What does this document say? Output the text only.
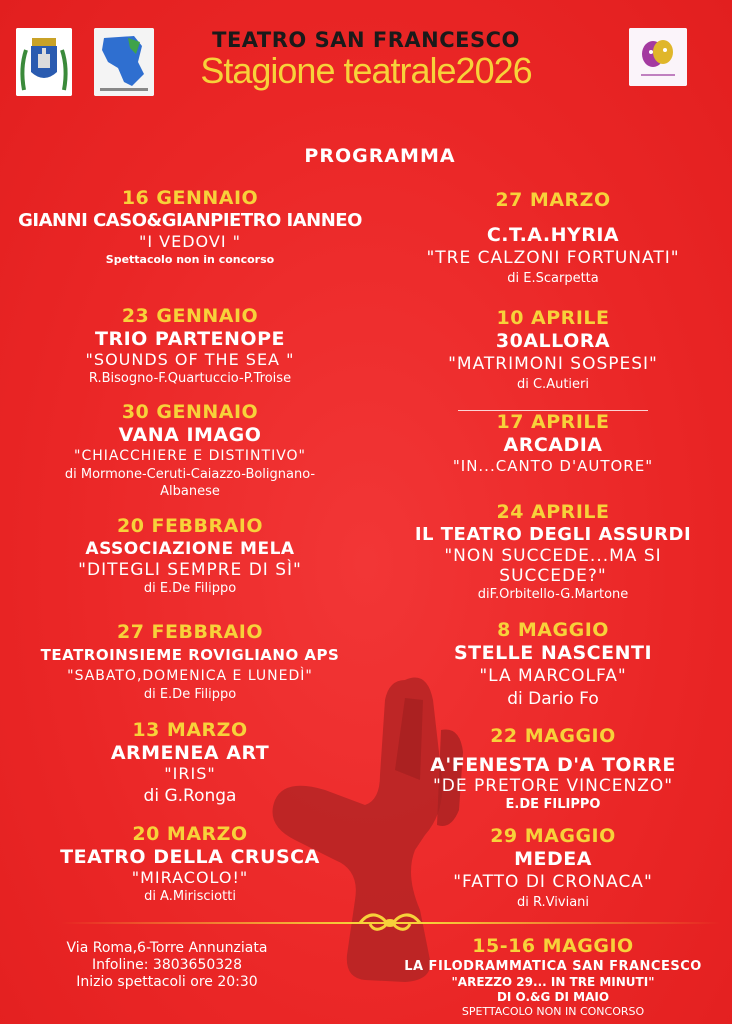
TEATRO SAN FRANCESCO
Stagione teatrale2026
PROGRAMMA
16 GENNAIO
GIANNI CASO&GIANPIETRO IANNEO
"I VEDOVI "
Spettacolo non in concorso
23 GENNAIO
TRIO PARTENOPE
"SOUNDS OF THE SEA "
R.Bisogno-F.Quartuccio-P.Troise
30 GENNAIO
VANA IMAGO
"CHIACCHIERE E DISTINTIVO"
di Mormone-Ceruti-Caiazzo-Bolignano-
Albanese
20 FEBBRAIO
ASSOCIAZIONE MELA
"DITEGLI SEMPRE DI SÌ"
di E.De Filippo
27 FEBBRAIO
TEATROINSIEME ROVIGLIANO APS
"SABATO,DOMENICA E LUNEDÌ"
di E.De Filippo
13 MARZO
ARMENEA ART
"IRIS"
di G.Ronga
20 MARZO
TEATRO DELLA CRUSCA
"MIRACOLO!"
di A.Mirisciotti
27 MARZO
C.T.A.HYRIA
"TRE CALZONI FORTUNATI"
di E.Scarpetta
10 APRILE
30ALLORA
"MATRIMONI SOSPESI"
di C.Autieri
17 APRILE
ARCADIA
"IN...CANTO D'AUTORE"
24 APRILE
IL TEATRO DEGLI ASSURDI
"NON SUCCEDE...MA SI
SUCCEDE?"
diF.Orbitello-G.Martone
8 MAGGIO
STELLE NASCENTI
"LA MARCOLFA"
di Dario Fo
22 MAGGIO
A'FENESTA D'A TORRE
"DE PRETORE VINCENZO"
E.DE FILIPPO
29 MAGGIO
MEDEA
"FATTO DI CRONACA"
di R.Viviani
15-16 MAGGIO
LA FILODRAMMATICA SAN FRANCESCO
"AREZZO 29... IN TRE MINUTI"
DI O.&G DI MAIO
SPETTACOLO NON IN CONCORSO
Via Roma,6-Torre Annunziata
Infoline: 3803650328
Inizio spettacoli ore 20:30
